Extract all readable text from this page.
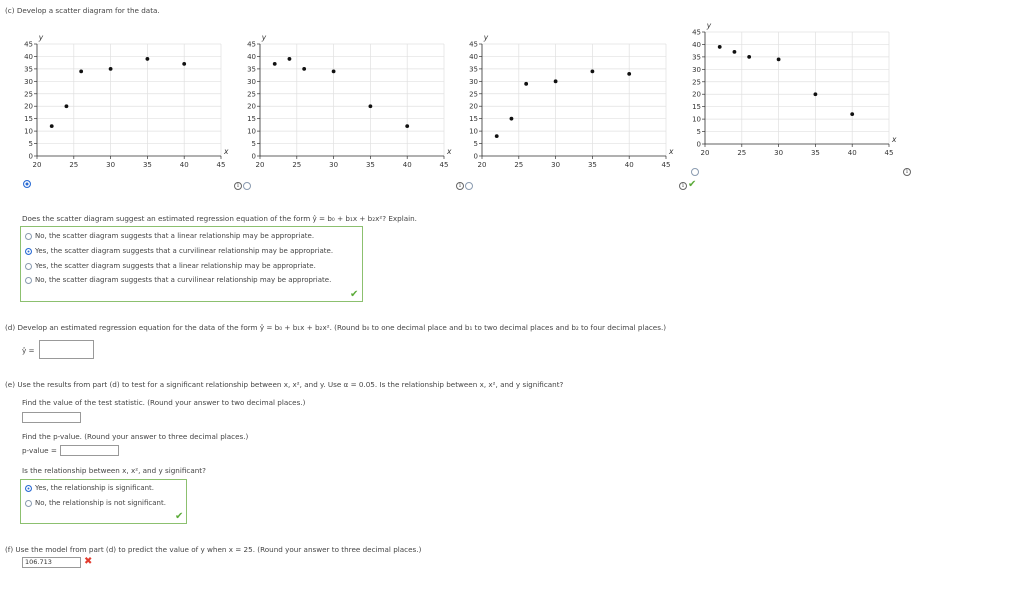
(c) Develop a scatter diagram for the data.
0
5
10
15
20
25
30
35
40
45
20	25	30	35	40	45
x
y
0
5
10
15
20
25
30
35
40
45
20	25	30	35	40	45
x
y
0
5
10
15
20
25
30
35
40
45
20	25	30	35	40	45
x
y
0
5
10
15
20
25
30
35
40
45
20	25	30	35	40	45
x
y
i	i	i ✔
i
Does the scatter diagram suggest an estimated regression equation of the form ŷ = b₀ + b₁x + b₂x²? Explain.
No, the scatter diagram suggests that a linear relationship may be appropriate.
Yes, the scatter diagram suggests that a curvilinear relationship may be appropriate.
Yes, the scatter diagram suggests that a linear relationship may be appropriate.
No, the scatter diagram suggests that a curvilinear relationship may be appropriate.
✔
(d) Develop an estimated regression equation for the data of the form ŷ = b₀ + b₁x + b₂x². (Round b₀ to one decimal place and b₁ to two decimal places and b₂ to four decimal places.)
ŷ =
(e) Use the results from part (d) to test for a significant relationship between x, x², and y. Use α = 0.05. Is the relationship between x, x², and y significant?
Find the value of the test statistic. (Round your answer to two decimal places.)
Find the p-value. (Round your answer to three decimal places.)
p-value =
Is the relationship between x, x², and y significant?
Yes, the relationship is significant.
No, the relationship is not significant.
✔
(f) Use the model from part (d) to predict the value of y when x = 25. (Round your answer to three decimal places.)
106.713	✖
